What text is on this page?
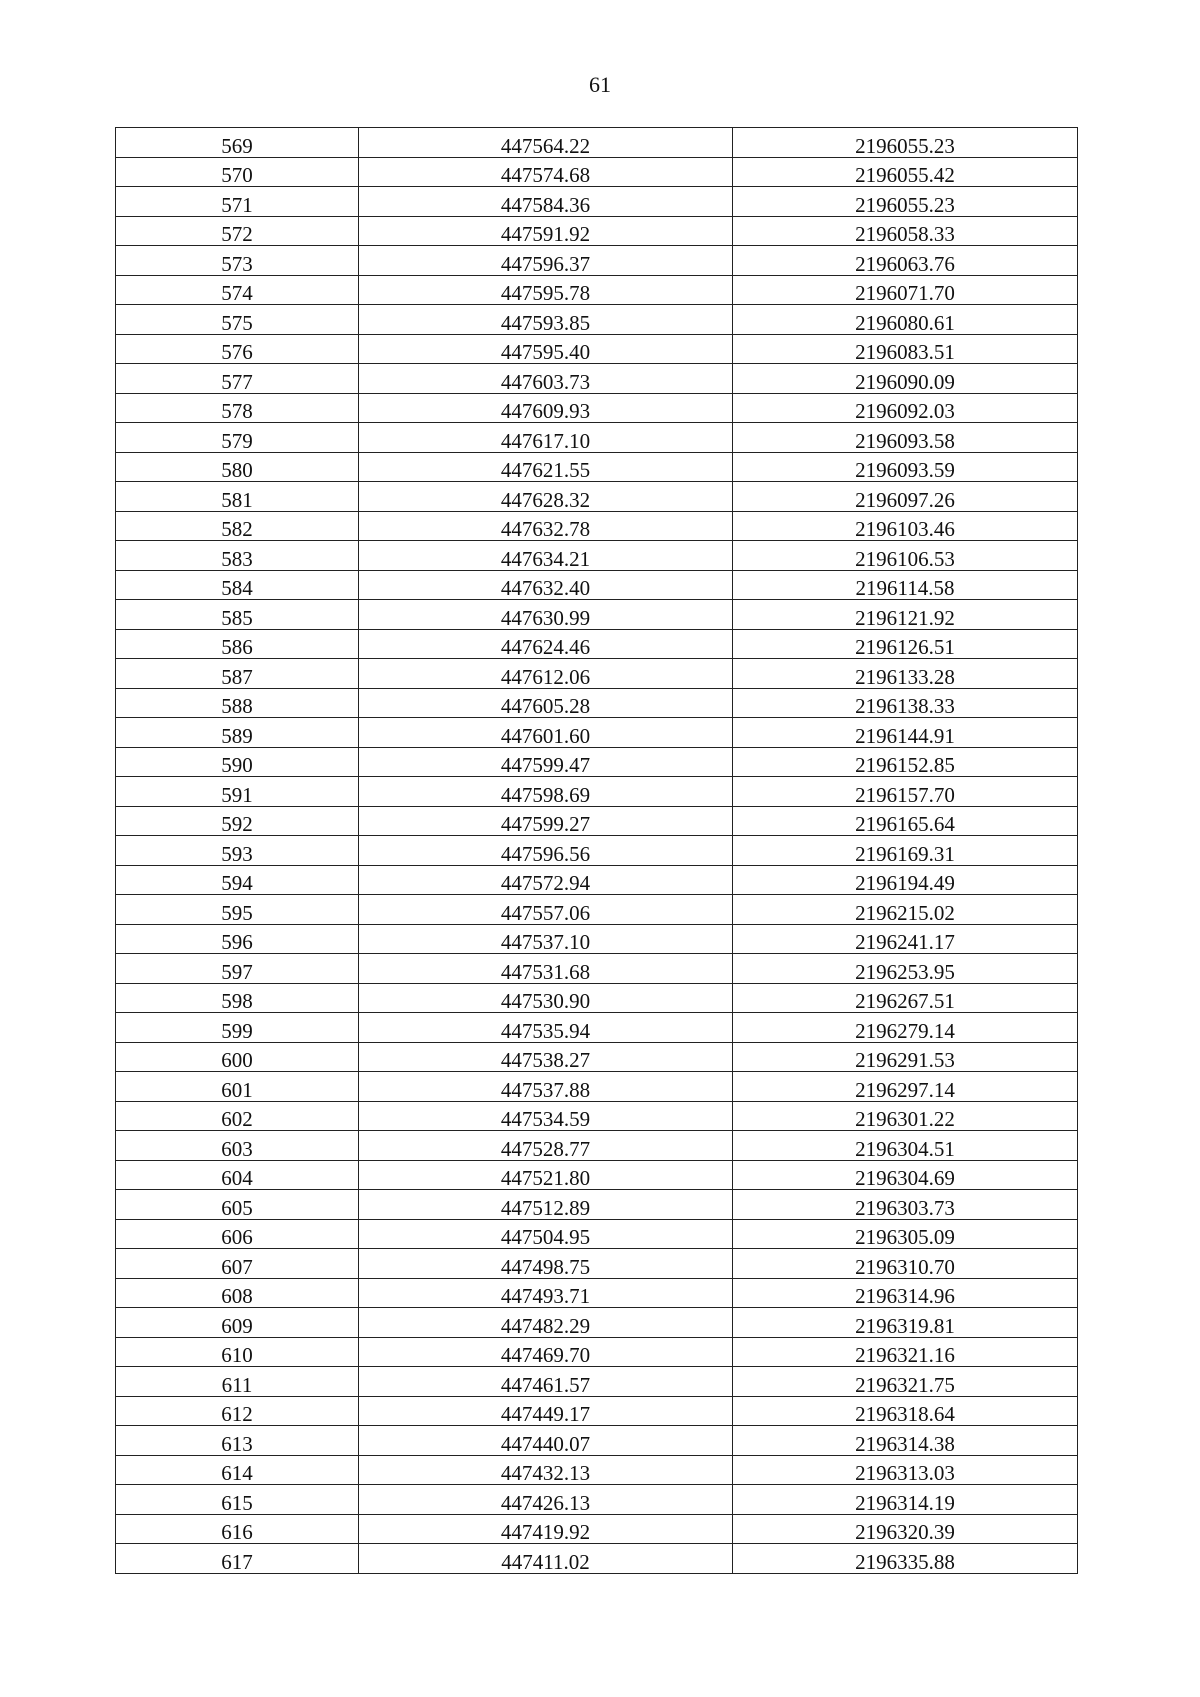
61
569	447564.22	2196055.23
570	447574.68	2196055.42
571	447584.36	2196055.23
572	447591.92	2196058.33
573	447596.37	2196063.76
574	447595.78	2196071.70
575	447593.85	2196080.61
576	447595.40	2196083.51
577	447603.73	2196090.09
578	447609.93	2196092.03
579	447617.10	2196093.58
580	447621.55	2196093.59
581	447628.32	2196097.26
582	447632.78	2196103.46
583	447634.21	2196106.53
584	447632.40	2196114.58
585	447630.99	2196121.92
586	447624.46	2196126.51
587	447612.06	2196133.28
588	447605.28	2196138.33
589	447601.60	2196144.91
590	447599.47	2196152.85
591	447598.69	2196157.70
592	447599.27	2196165.64
593	447596.56	2196169.31
594	447572.94	2196194.49
595	447557.06	2196215.02
596	447537.10	2196241.17
597	447531.68	2196253.95
598	447530.90	2196267.51
599	447535.94	2196279.14
600	447538.27	2196291.53
601	447537.88	2196297.14
602	447534.59	2196301.22
603	447528.77	2196304.51
604	447521.80	2196304.69
605	447512.89	2196303.73
606	447504.95	2196305.09
607	447498.75	2196310.70
608	447493.71	2196314.96
609	447482.29	2196319.81
610	447469.70	2196321.16
611	447461.57	2196321.75
612	447449.17	2196318.64
613	447440.07	2196314.38
614	447432.13	2196313.03
615	447426.13	2196314.19
616	447419.92	2196320.39
617	447411.02	2196335.88
